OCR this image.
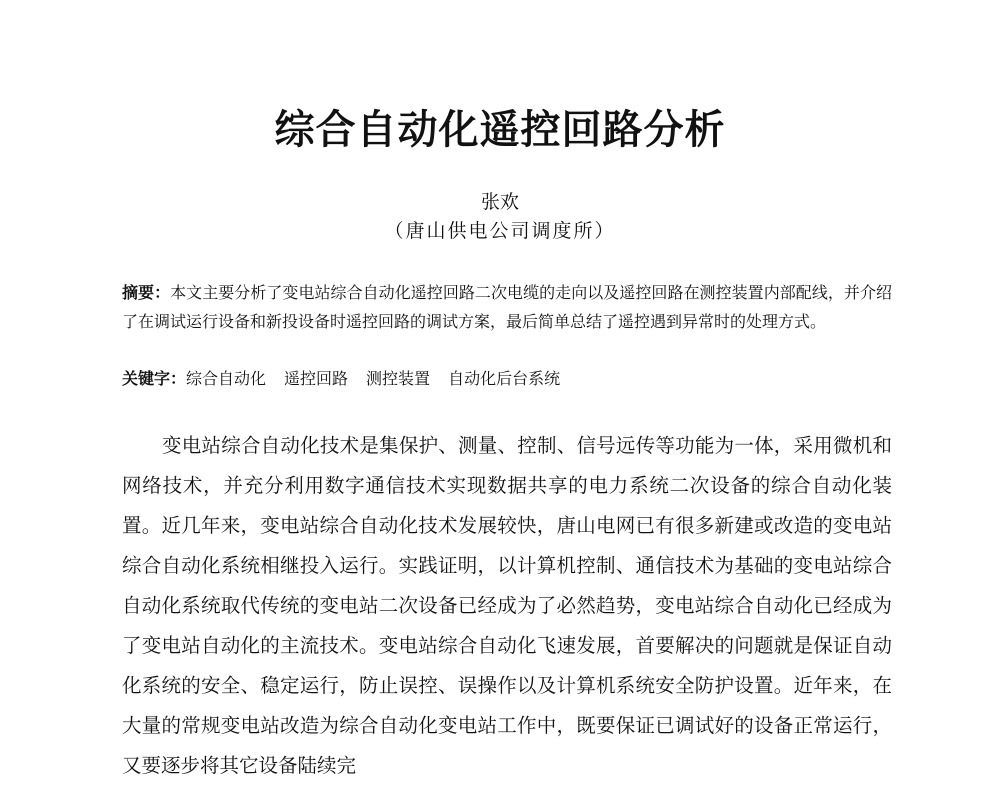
综合自动化遥控回路分析
张欢
（唐山供电公司调度所）

摘要：本文主要分析了变电站综合自动化遥控回路二次电缆的走向以及遥控回路在测控装置内部配线，并介绍了在调试运行设备和新投设备时遥控回路的调试方案，最后简单总结了遥控遇到异常时的处理方式。

关键字：综合自动化 遥控回路 测控装置 自动化后台系统

变电站综合自动化技术是集保护、测量、控制、信号远传等功能为一体，采用微机和网络技术，并充分利用数字通信技术实现数据共享的电力系统二次设备的综合自动化装置。近几年来，变电站综合自动化技术发展较快，唐山电网已有很多新建或改造的变电站综合自动化系统相继投入运行。实践证明，以计算机控制、通信技术为基础的变电站综合自动化系统取代传统的变电站二次设备已经成为了必然趋势，变电站综合自动化已经成为了变电站自动化的主流技术。变电站综合自动化飞速发展，首要解决的问题就是保证自动化系统的安全、稳定运行，防止误控、误操作以及计算机系统安全防护设置。近年来，在大量的常规变电站改造为综合自动化变电站工作中，既要保证已调试好的设备正常运行，又要逐步将其它设备陆续完
